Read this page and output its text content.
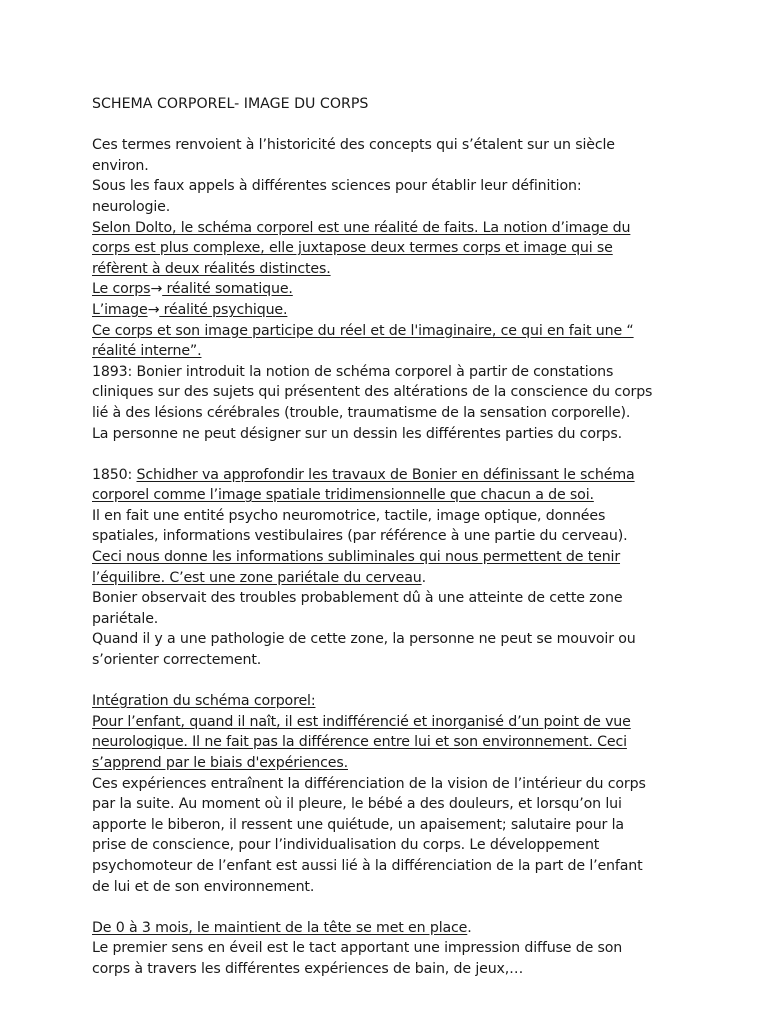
SCHEMA CORPOREL- IMAGE DU CORPS
Ces termes renvoient à l’historicité des concepts qui s’étalent sur un siècle
environ.
Sous les faux appels à différentes sciences pour établir leur définition:
neurologie.
Selon Dolto, le schéma corporel est une réalité de faits. La notion d’image du
corps est plus complexe, elle juxtapose deux termes corps et image qui se
réfèrent à deux réalités distinctes.
Le corps→ réalité somatique.
L’image→ réalité psychique.
Ce corps et son image participe du réel et de l'imaginaire, ce qui en fait une “
réalité interne”.
1893: Bonier introduit la notion de schéma corporel à partir de constations
cliniques sur des sujets qui présentent des altérations de la conscience du corps
lié à des lésions cérébrales (trouble, traumatisme de la sensation corporelle).
La personne ne peut désigner sur un dessin les différentes parties du corps.
1850: Schidher va approfondir les travaux de Bonier en définissant le schéma
corporel comme l’image spatiale tridimensionnelle que chacun a de soi.
Il en fait une entité psycho neuromotrice, tactile, image optique, données
spatiales, informations vestibulaires (par référence à une partie du cerveau).
Ceci nous donne les informations subliminales qui nous permettent de tenir
l’équilibre. C’est une zone pariétale du cerveau.
Bonier observait des troubles probablement dû à une atteinte de cette zone
pariétale.
Quand il y a une pathologie de cette zone, la personne ne peut se mouvoir ou
s’orienter correctement.
Intégration du schéma corporel:
Pour l’enfant, quand il naît, il est indifférencié et inorganisé d’un point de vue
neurologique. Il ne fait pas la différence entre lui et son environnement. Ceci
s’apprend par le biais d'expériences.
Ces expériences entraînent la différenciation de la vision de l’intérieur du corps
par la suite. Au moment où il pleure, le bébé a des douleurs, et lorsqu’on lui
apporte le biberon, il ressent une quiétude, un apaisement; salutaire pour la
prise de conscience, pour l’individualisation du corps. Le développement
psychomoteur de l’enfant est aussi lié à la différenciation de la part de l’enfant
de lui et de son environnement.
De 0 à 3 mois, le maintient de la tête se met en place.
Le premier sens en éveil est le tact apportant une impression diffuse de son
corps à travers les différentes expériences de bain, de jeux,…
